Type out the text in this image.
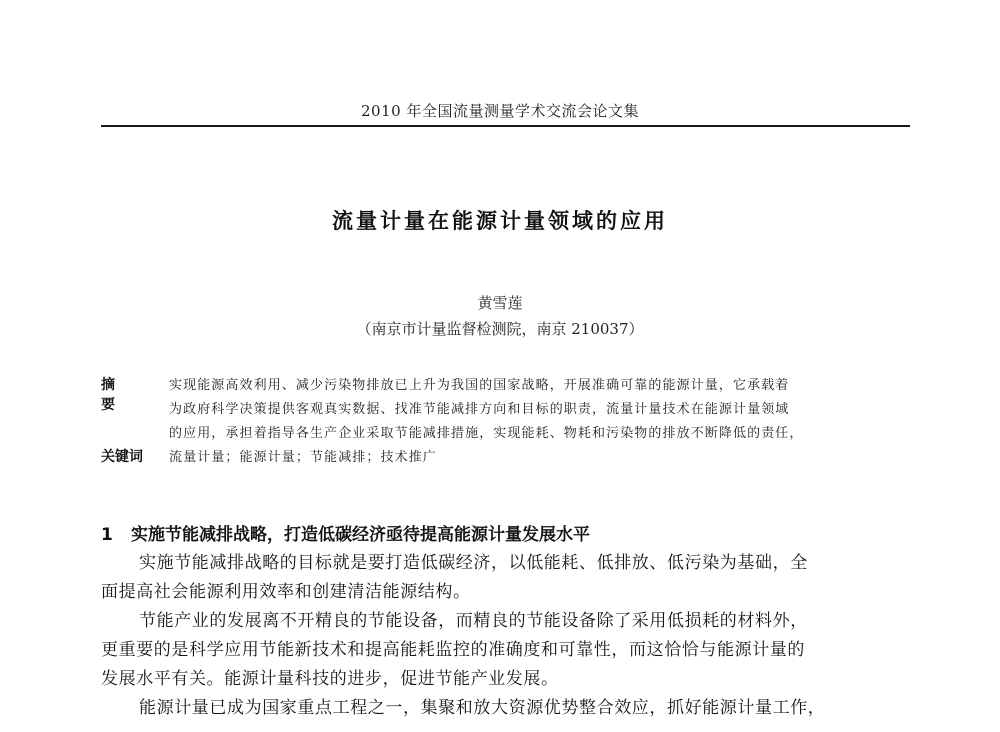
2010 年全国流量测量学术交流会论文集
流量计量在能源计量领域的应用
黄雪莲
（南京市计量监督检测院，南京 210037）
摘 要
实现能源高效利用、减少污染物排放已上升为我国的国家战略，开展准确可靠的能源计量，它承载着
为政府科学决策提供客观真实数据、找准节能减排方向和目标的职责，流量计量技术在能源计量领域
的应用，承担着指导各生产企业采取节能减排措施，实现能耗、物耗和污染物的排放不断降低的责任，
关键词	流量计量；能源计量；节能减排；技术推广
1 实施节能减排战略，打造低碳经济亟待提高能源计量发展水平
实施节能减排战略的目标就是要打造低碳经济，以低能耗、低排放、低污染为基础，全
面提高社会能源利用效率和创建清洁能源结构。
节能产业的发展离不开精良的节能设备，而精良的节能设备除了采用低损耗的材料外，
更重要的是科学应用节能新技术和提高能耗监控的准确度和可靠性，而这恰恰与能源计量的
发展水平有关。能源计量科技的进步，促进节能产业发展。
能源计量已成为国家重点工程之一，集聚和放大资源优势整合效应，抓好能源计量工作，
